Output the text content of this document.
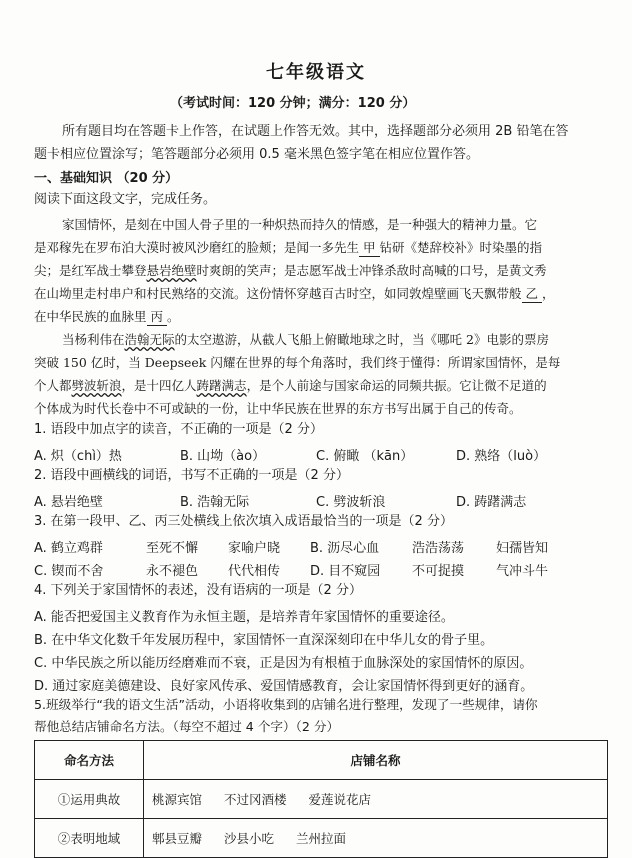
七年级语文
（考试时间：120 分钟；满分：120 分）
所有题目均在答题卡上作答，在试题上作答无效。其中，选择题部分必须用 2B 铅笔在答
题卡相应位置涂写；笔答题部分必须用 0.5 毫米黑色签字笔在相应位置作答。
一、基础知识 （20 分）
阅读下面这段文字，完成任务。
家国情怀，是刻在中国人骨子里的一种炽热而持久的情感，是一种强大的精神力量。它
是邓稼先在罗布泊大漠时被风沙磨红的脸颊；是闻一多先生 甲 钻研《楚辞校补》时染墨的指
尖；是红军战士攀登悬岩绝壁时爽朗的笑声；是志愿军战士冲锋杀敌时高喊的口号，是黄文秀
在山坳里走村串户和村民熟络的交流。这份情怀穿越百古时空，如同敦煌壁画飞天飘带般 乙 ，
在中华民族的血脉里 丙 。
当杨利伟在浩翰无际的太空遨游，从截人飞船上俯瞰地球之时，当《哪吒 2》电影的票房
突破 150 亿时，当 Deepseek 闪耀在世界的每个角落时，我们终于懂得：所谓家国情怀，是每
个人都劈波斩浪，是十四亿人踌躇满志，是个人前途与国家命运的同频共振。它让微不足道的
个体成为时代长卷中不可或缺的一份，让中华民族在世界的东方书写出属于自己的传奇。
1. 语段中加点字的读音，不正确的一项是（2 分）
A. 炽（chì）热	B. 山坳（ào）	C. 俯瞰 （kān）	D. 熟络（luò）
2. 语段中画横线的词语，书写不正确的一项是（2 分）
A. 悬岩绝壁	B. 浩翰无际	C. 劈波斩浪	D. 踌躇满志
3. 在第一段甲、乙、丙三处横线上依次填入成语最恰当的一项是（2 分）
A. 鹤立鸡群	至死不懈 家喻户晓 B. 沥尽心血	浩浩荡荡 妇孺皆知
C. 锲而不舍	永不褪色 代代相传 D. 目不窥园 不可捉摸 气冲斗牛
4. 下列关于家国情怀的表述，没有语病的一项是（2 分）
A. 能否把爱国主义教育作为永恒主题，是培养青年家国情怀的重要途径。
B. 在中华文化数千年发展历程中，家国情怀一直深深刻印在中华儿女的骨子里。
C. 中华民族之所以能历经磨难而不衰，正是因为有根植于血脉深处的家国情怀的原因。
D. 通过家庭美德建设、良好家风传承、爱国情感教育，会让家国情怀得到更好的涵育。
5.班级举行“我的语文生活”活动，小语将收集到的店铺名进行整理，发现了一些规律，请你
命名方法	店铺名称
①运用典故	桃源宾馆 不过冈酒楼 爱莲说花店
②表明地域	郫县豆瓣 沙县小吃 兰州拉面
帮他总结店铺命名方法。（每空不超过 4 个字）（2 分）
